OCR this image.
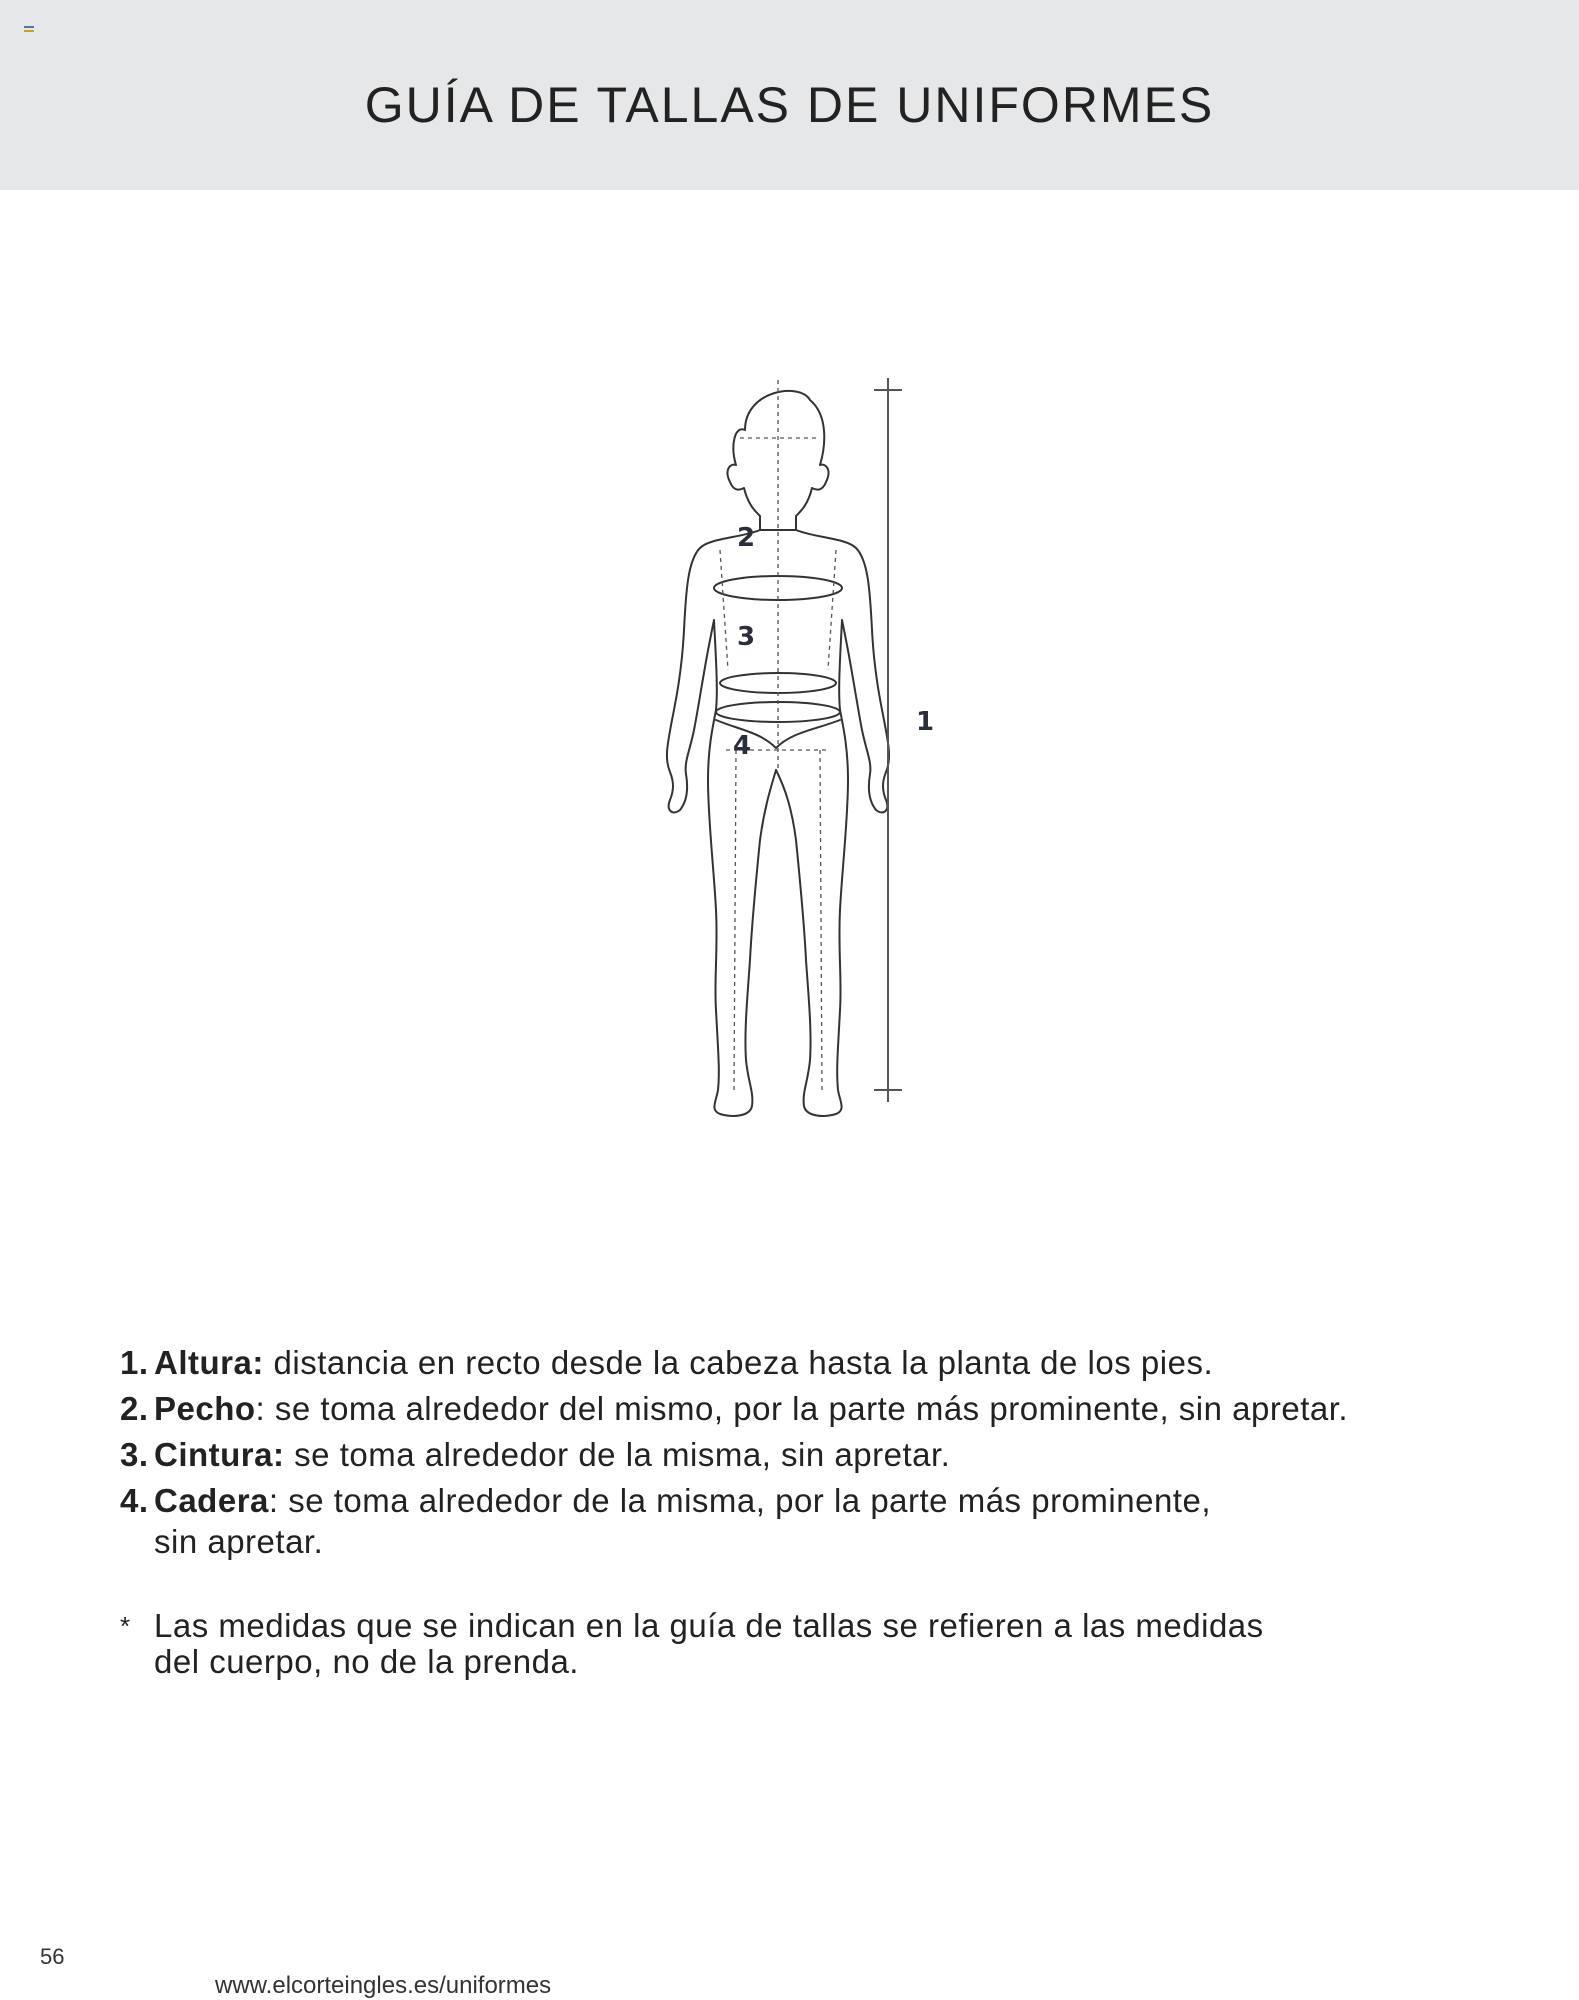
GUÍA DE TALLAS DE UNIFORMES
1
2
3
4
1. Altura: distancia en recto desde la cabeza hasta la planta de los pies.
2. Pecho: se toma alrededor del mismo, por la parte más prominente, sin apretar.
3. Cintura: se toma alrededor de la misma, sin apretar.
4. Cadera: se toma alrededor de la misma, por la parte más prominente,
sin apretar.
* Las medidas que se indican en la guía de tallas se refieren a las medidas
del cuerpo, no de la prenda.
56
www.elcorteingles.es/uniformes
